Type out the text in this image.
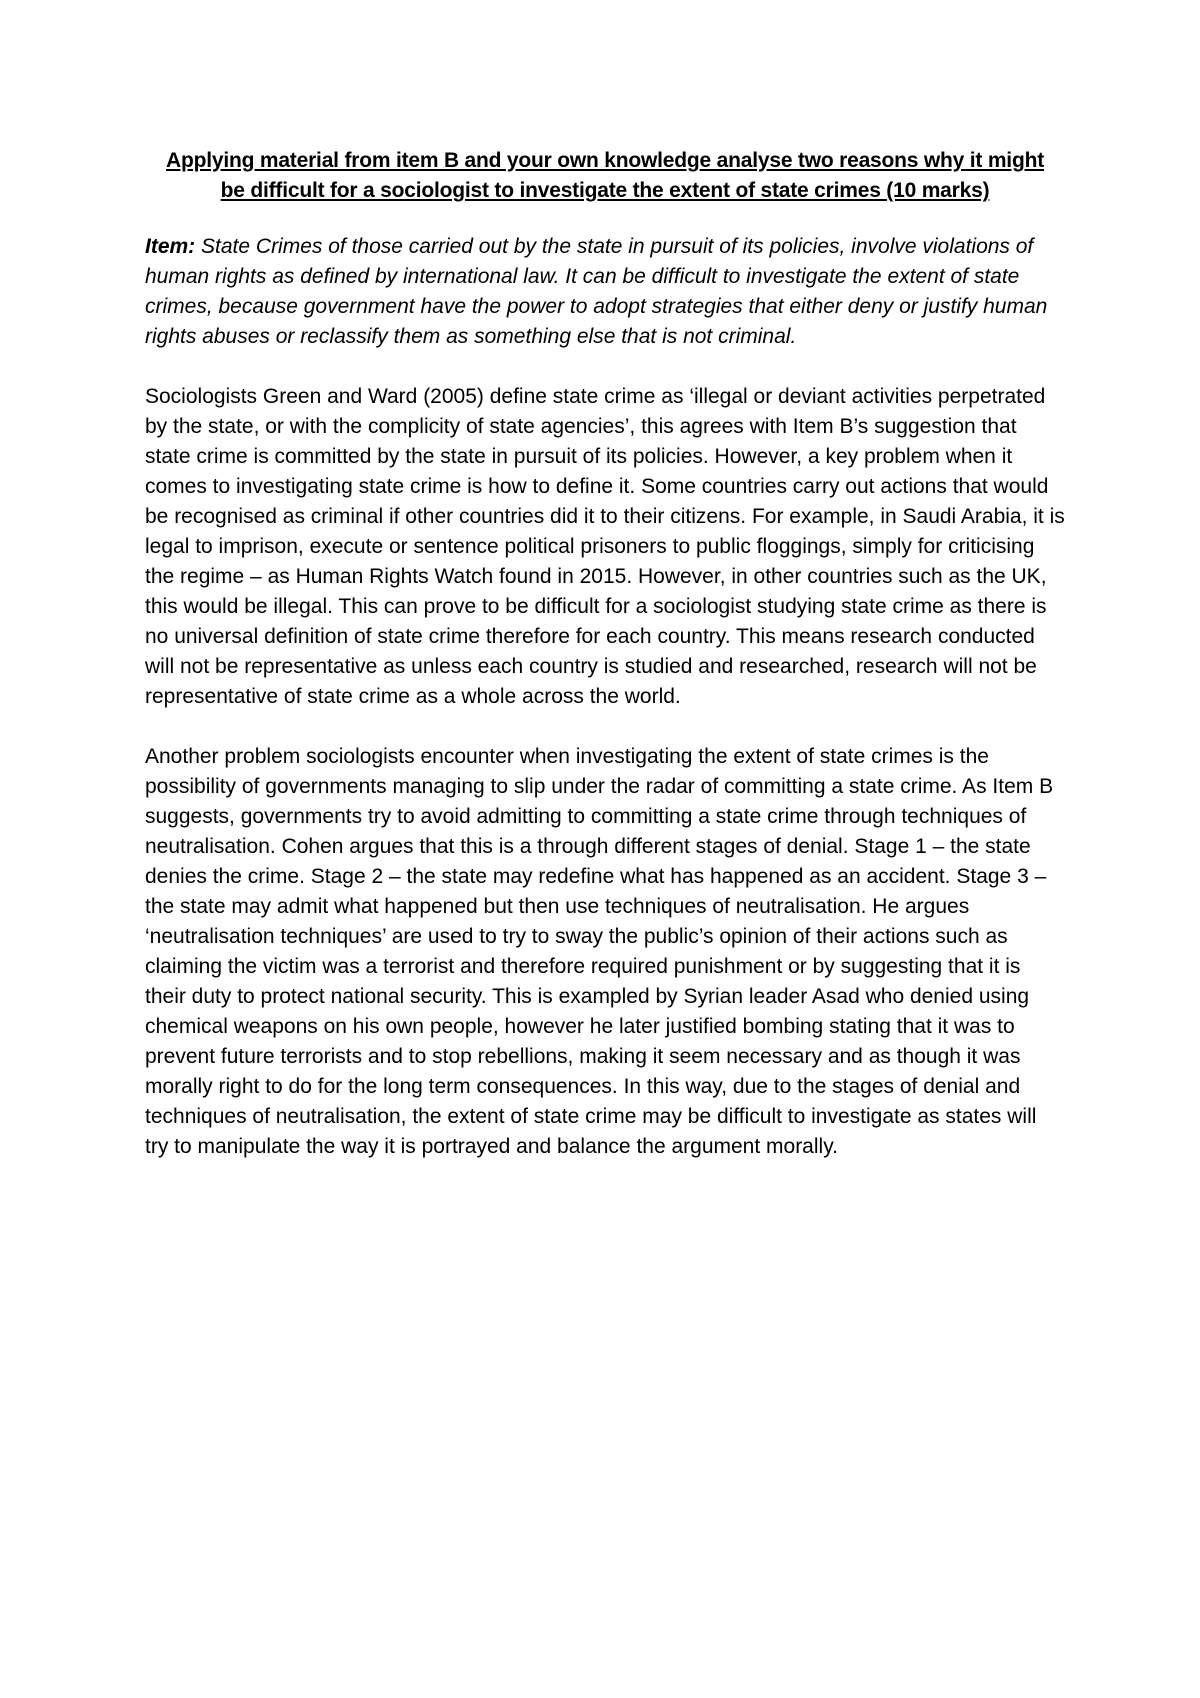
Applying material from item B and your own knowledge analyse two reasons why it might
be difficult for a sociologist to investigate the extent of state crimes (10 marks)

Item: State Crimes of those carried out by the state in pursuit of its policies, involve violations of human rights as defined by international law. It can be difficult to investigate the extent of state crimes, because government have the power to adopt strategies that either deny or justify human rights abuses or reclassify them as something else that is not criminal.

Sociologists Green and Ward (2005) define state crime as ‘illegal or deviant activities perpetrated by the state, or with the complicity of state agencies’, this agrees with Item B’s suggestion that state crime is committed by the state in pursuit of its policies. However, a key problem when it comes to investigating state crime is how to define it. Some countries carry out actions that would be recognised as criminal if other countries did it to their citizens. For example, in Saudi Arabia, it is legal to imprison, execute or sentence political prisoners to public floggings, simply for criticising the regime – as Human Rights Watch found in 2015. However, in other countries such as the UK, this would be illegal. This can prove to be difficult for a sociologist studying state crime as there is no universal definition of state crime therefore for each country. This means research conducted will not be representative as unless each country is studied and researched, research will not be representative of state crime as a whole across the world.

Another problem sociologists encounter when investigating the extent of state crimes is the possibility of governments managing to slip under the radar of committing a state crime. As Item B suggests, governments try to avoid admitting to committing a state crime through techniques of neutralisation. Cohen argues that this is a through different stages of denial. Stage 1 – the state denies the crime. Stage 2 – the state may redefine what has happened as an accident. Stage 3 – the state may admit what happened but then use techniques of neutralisation. He argues ‘neutralisation techniques’ are used to try to sway the public’s opinion of their actions such as claiming the victim was a terrorist and therefore required punishment or by suggesting that it is their duty to protect national security. This is exampled by Syrian leader Asad who denied using chemical weapons on his own people, however he later justified bombing stating that it was to prevent future terrorists and to stop rebellions, making it seem necessary and as though it was morally right to do for the long term consequences. In this way, due to the stages of denial and techniques of neutralisation, the extent of state crime may be difficult to investigate as states will try to manipulate the way it is portrayed and balance the argument morally.
